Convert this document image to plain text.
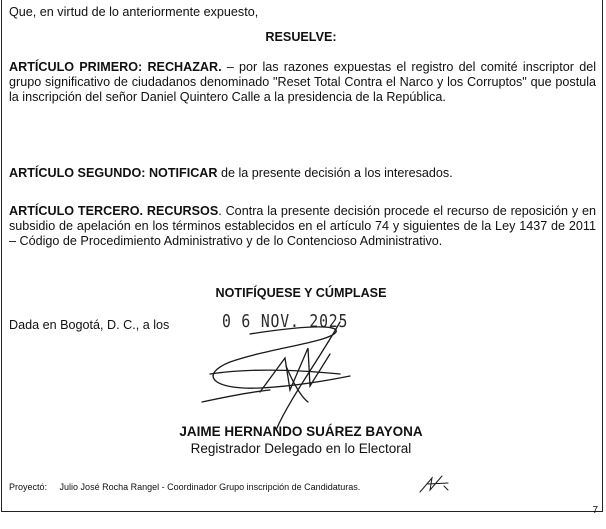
Que, en virtud de lo anteriormente expuesto,

RESUELVE:

ARTÍCULO PRIMERO: RECHAZAR. – por las razones expuestas el registro del comité inscriptor del grupo significativo de ciudadanos denominado "Reset Total Contra el Narco y los Corruptos" que postula la inscripción del señor Daniel Quintero Calle a la presidencia de la República.

ARTÍCULO SEGUNDO: NOTIFICAR de la presente decisión a los interesados.

ARTÍCULO TERCERO. RECURSOS. Contra la presente decisión procede el recurso de reposición y en subsidio de apelación en los términos establecidos en el artículo 74 y siguientes de la Ley 1437 de 2011 – Código de Procedimiento Administrativo y de lo Contencioso Administrativo.

NOTIFÍQUESE Y CÚMPLASE

Dada en Bogotá, D. C., a los	0 6 NOV. 2025

JAIME HERNANDO SUÁREZ BAYONA

Registrador Delegado en lo Electoral

Proyectó: Julio José Rocha Rangel - Coordinador Grupo inscripción de Candidaturas.
7
